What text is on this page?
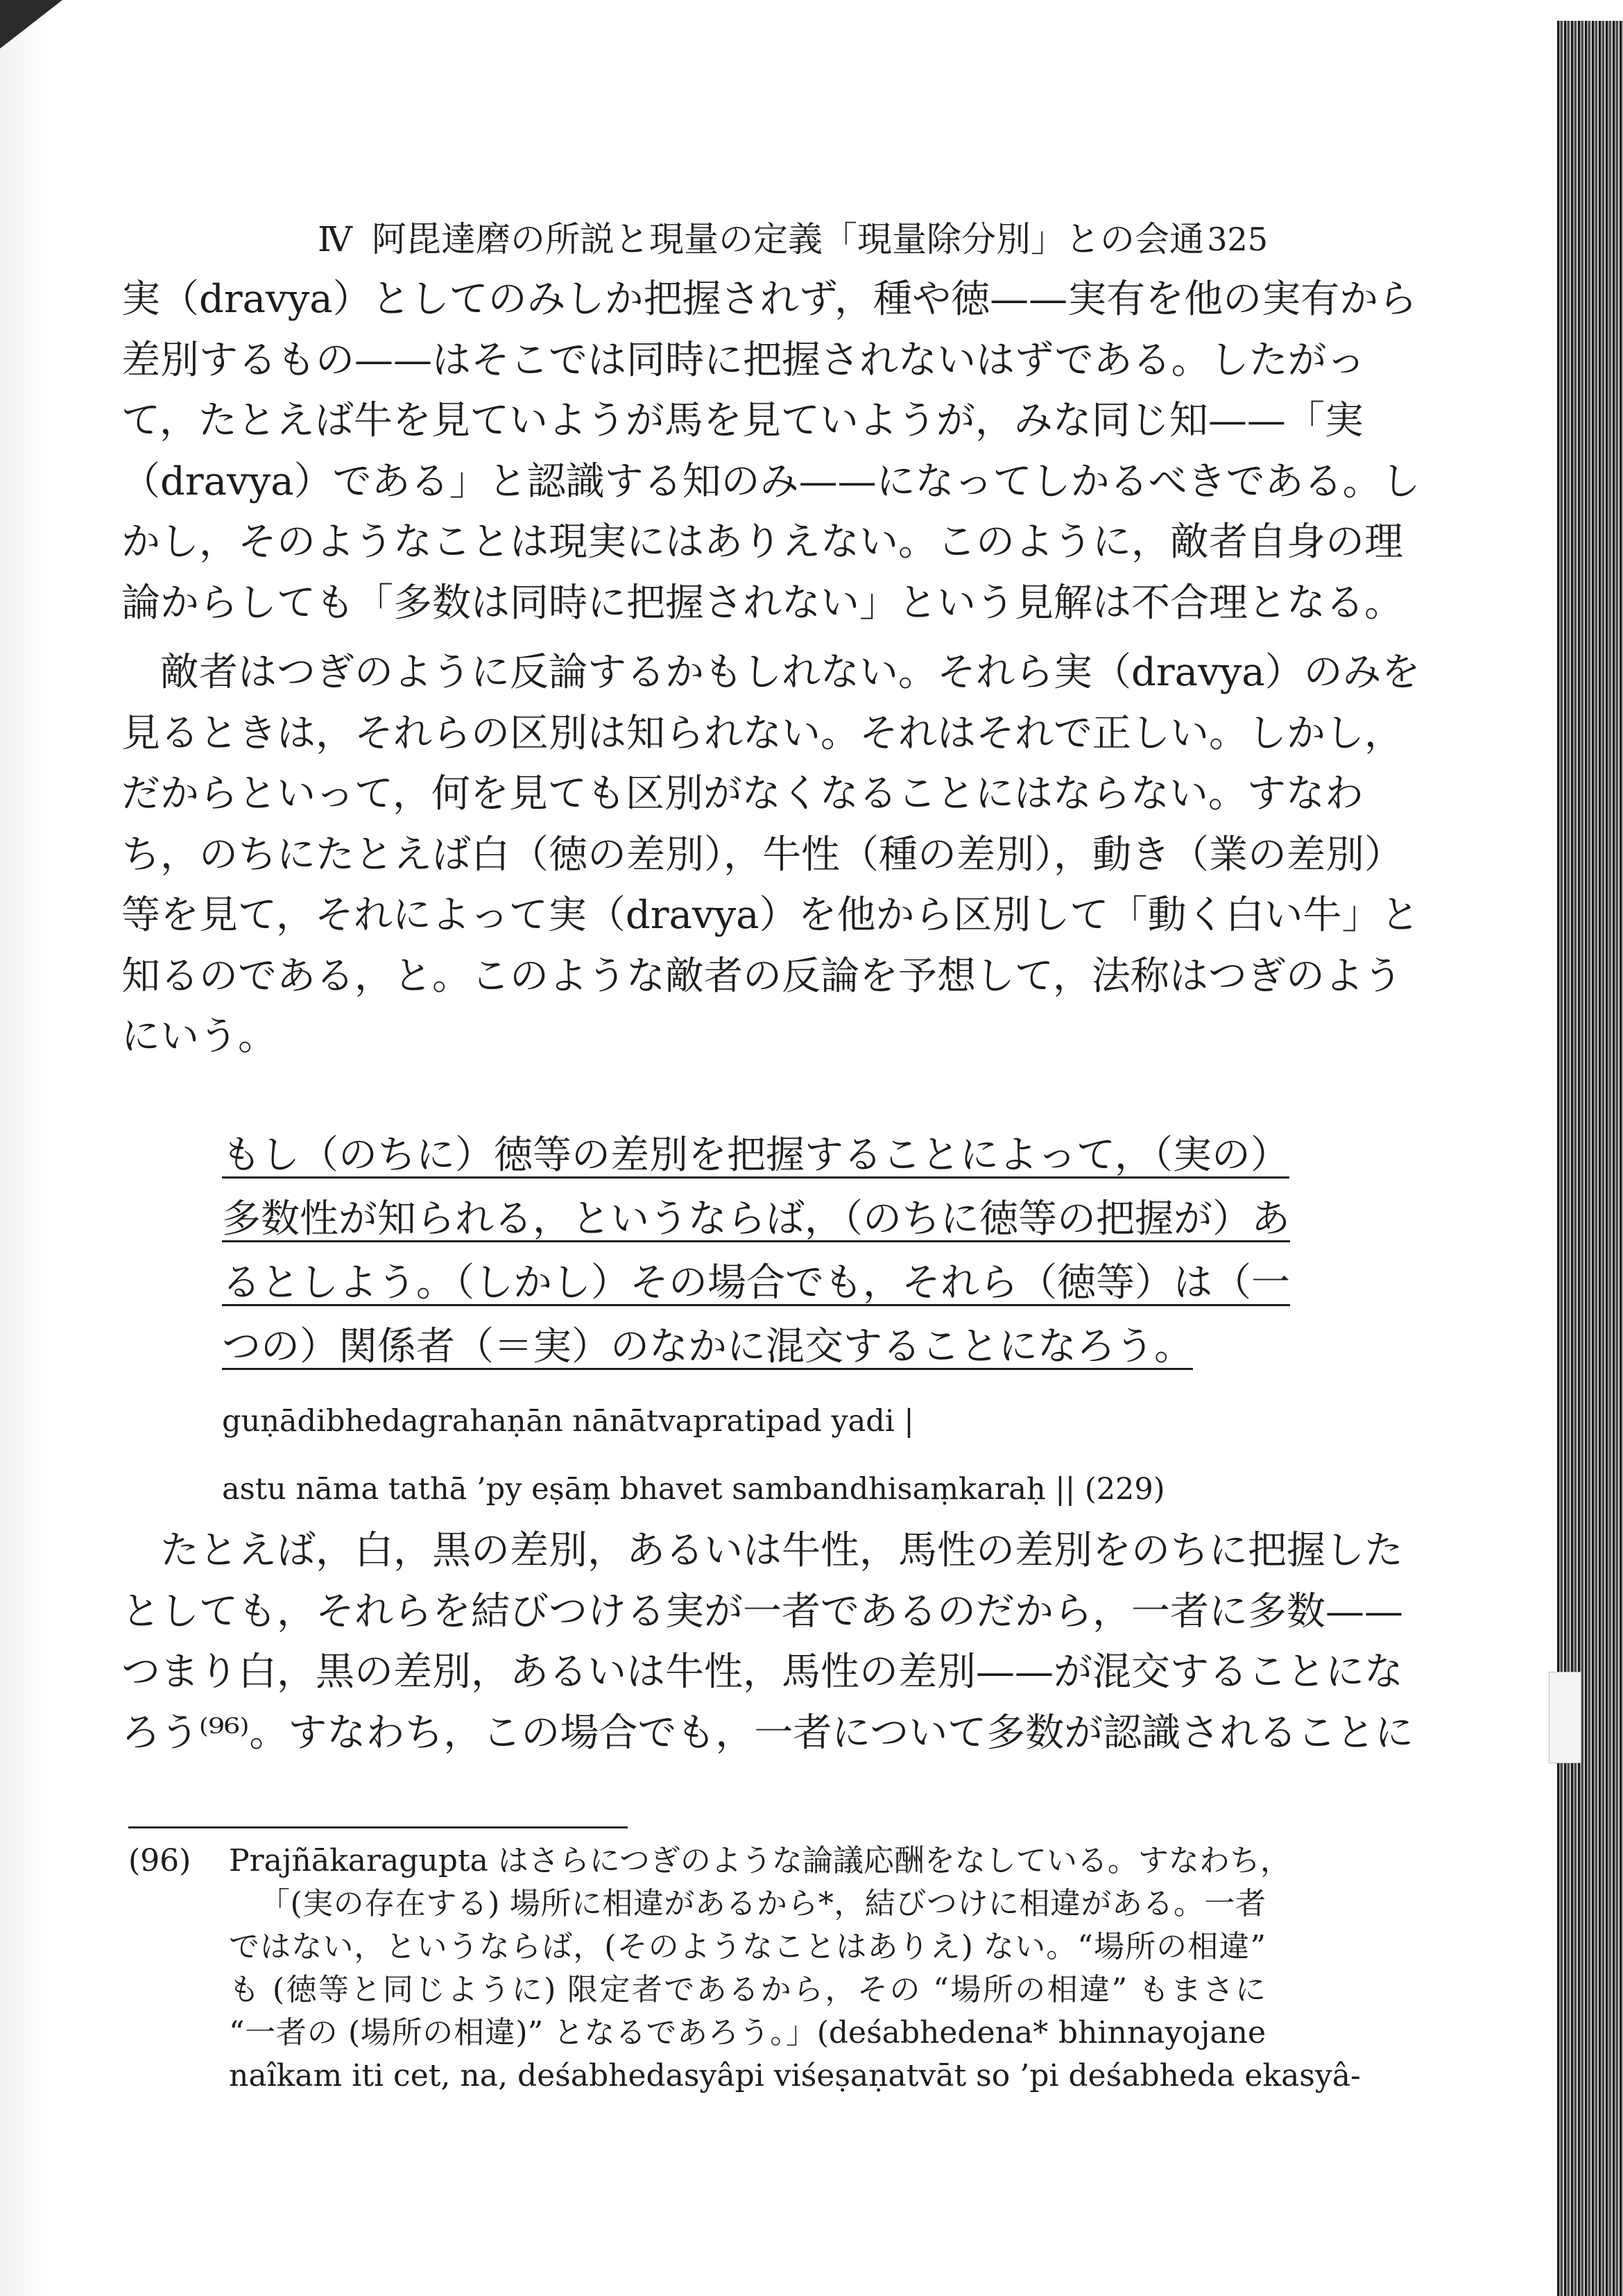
Ⅳ 阿毘達磨の所説と現量の定義「現量除分別」との会通 325
実（dravya）としてのみしか把握されず，種や徳——実有を他の実有から
差別するもの——はそこでは同時に把握されないはずである。したがっ
て，たとえば牛を見ていようが馬を見ていようが，みな同じ知——「実
（dravya）である」と認識する知のみ——になってしかるべきである。し
かし，そのようなことは現実にはありえない。このように，敵者自身の理
論からしても「多数は同時に把握されない」という見解は不合理となる。
敵者はつぎのように反論するかもしれない。それら実（dravya）のみを
見るときは，それらの区別は知られない。それはそれで正しい。しかし，
だからといって，何を見ても区別がなくなることにはならない。すなわ
ち，のちにたとえば白（徳の差別），牛性（種の差別），動き（業の差別）
等を見て，それによって実（dravya）を他から区別して「動く白い牛」と
知るのである，と。このような敵者の反論を予想して，法称はつぎのよう
にいう。
もし（のちに）徳等の差別を把握することによって，（実の）
多数性が知られる，というならば，（のちに徳等の把握が）あ
るとしよう。（しかし）その場合でも，それら（徳等）は（一
つの）関係者（＝実）のなかに混交することになろう。
guṇādibhedagrahaṇān nānātvapratipad yadi |
astu nāma tathā ’py eṣāṃ bhavet sambandhisaṃkaraḥ || (229)
たとえば，白，黒の差別，あるいは牛性，馬性の差別をのちに把握した
としても，それらを結びつける実が一者であるのだから，一者に多数——
つまり白，黒の差別，あるいは牛性，馬性の差別——が混交することにな
ろう⁽⁹⁶⁾。すなわち，この場合でも，一者について多数が認識されることに
(96) Prajñākaragupta はさらにつぎのような論議応酬をなしている。すなわち，
「(実の存在する) 場所に相違があるから*，結びつけに相違がある。一者
ではない，というならば，(そのようなことはありえ) ない。“場所の相違”
も (徳等と同じように) 限定者であるから，その “場所の相違” もまさに
“一者の (場所の相違)” となるであろう。」(deśabhedena* bhinnayojane
naîkam iti cet, na, deśabhedasyâpi viśeṣaṇatvāt so ’pi deśabheda ekasyâ-
